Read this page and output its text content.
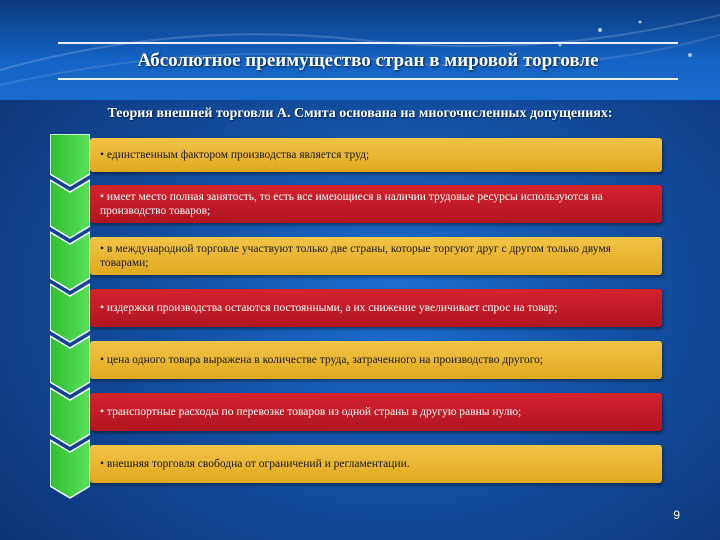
Абсолютное преимущество стран в мировой торговле
Теория внешней торговли А. Смита основана на многочисленных допущениях:
• единственным фактором производства является труд;
• имеет место полная занятость, то есть все имеющиеся в наличии трудовые ресурсы используются на производство товаров;
• в международной торговле участвуют только две страны, которые торгуют друг с другом только двумя товарами;
• издержки производства остаются постоянными, а их снижение увеличивает спрос на товар;
• цена одного товара выражена в количестве труда, затраченного на производство другого;
• транспортные расходы по перевозке товаров из одной страны в другую равны нулю;
• внешняя торговля свободна от ограничений и регламентации.
9
